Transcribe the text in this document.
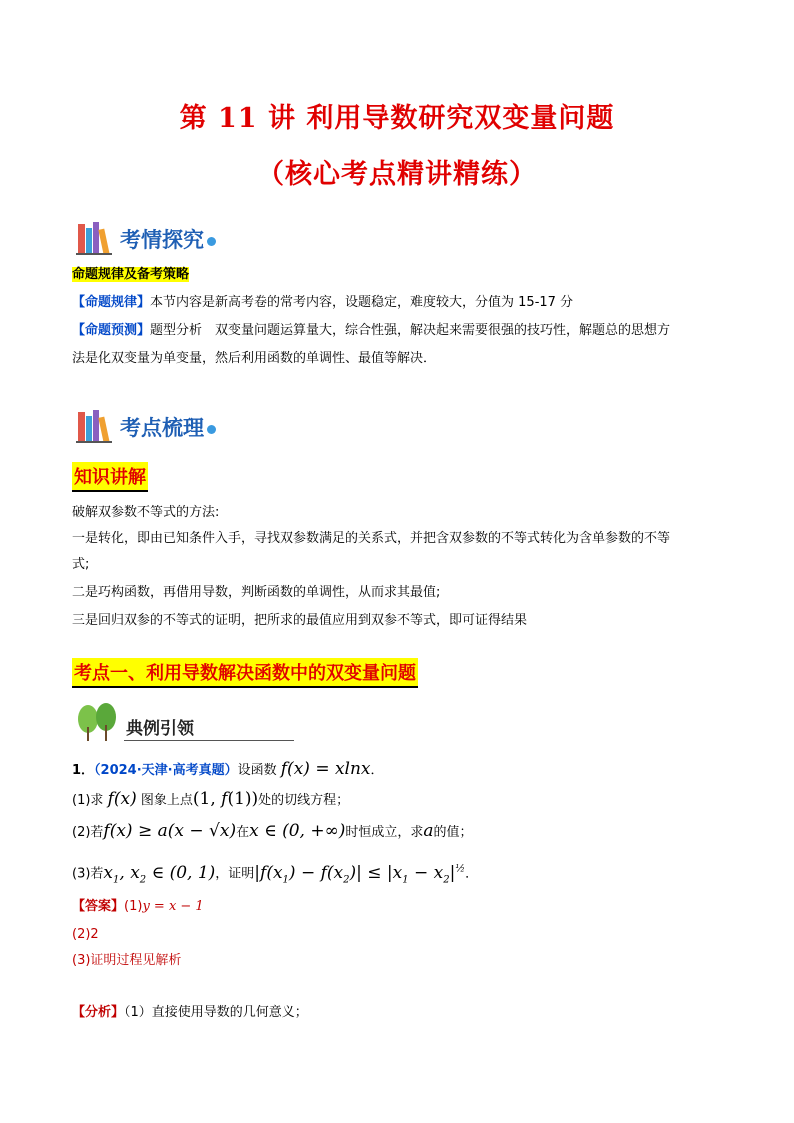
第 11 讲 利用导数研究双变量问题
（核心考点精讲精练）
考情探究
命题规律及备考策略
【命题规律】本节内容是新高考卷的常考内容，设题稳定，难度较大，分值为 15-17 分
【命题预测】题型分析　双变量问题运算量大，综合性强，解决起来需要很强的技巧性，解题总的思想方
法是化双变量为单变量，然后利用函数的单调性、最值等解决．
考点梳理
知识讲解
破解双参数不等式的方法:
一是转化，即由已知条件入手，寻找双参数满足的关系式，并把含双参数的不等式转化为含单参数的不等
式;
二是巧构函数，再借用导数，判断函数的单调性，从而求其最值;
三是回归双参的不等式的证明，把所求的最值应用到双参不等式，即可证得结果
考点一、利用导数解决函数中的双变量问题
典例引领
1．（2024·天津·高考真题）设函数 f(x) = xlnx．
(1)求 f(x) 图象上点(1, f(1))处的切线方程；
(2)若f(x) ≥ a(x − √x)在x ∈ (0, +∞)时恒成立，求a的值；
(3)若$x_1$, $x_2$ ∈ (0, 1)，证明$|f(x_1) - f(x_2)| \le |x_1 - x_2|^{\frac{1}{2}}$．
【答案】(1)y = x − 1
(2)2
(3)证明过程见解析
【分析】（1）直接使用导数的几何意义；
